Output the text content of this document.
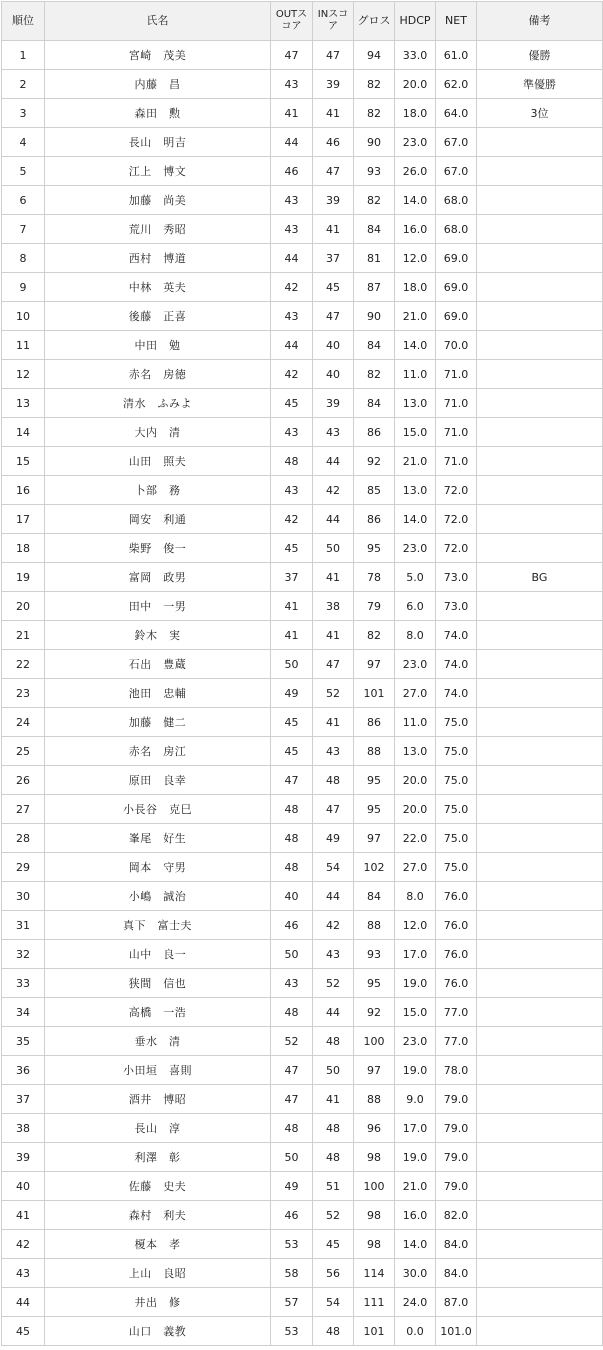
順位	氏名	OUTスコア	INスコア	グロス	HDCP	NET	備考
1	宮崎　茂美	47	47	94	33.0	61.0	優勝
2	内藤　昌	43	39	82	20.0	62.0	準優勝
3	森田　勲	41	41	82	18.0	64.0	3位
4	長山　明吉	44	46	90	23.0	67.0	
5	江上　博文	46	47	93	26.0	67.0	
6	加藤　尚美	43	39	82	14.0	68.0	
7	荒川　秀昭	43	41	84	16.0	68.0	
8	西村　博道	44	37	81	12.0	69.0	
9	中林　英夫	42	45	87	18.0	69.0	
10	後藤　正喜	43	47	90	21.0	69.0	
11	中田　勉	44	40	84	14.0	70.0	
12	赤名　房徳	42	40	82	11.0	71.0	
13	清水　ふみよ	45	39	84	13.0	71.0	
14	大内　清	43	43	86	15.0	71.0	
15	山田　照夫	48	44	92	21.0	71.0	
16	卜部　務	43	42	85	13.0	72.0	
17	岡安　利通	42	44	86	14.0	72.0	
18	柴野　俊一	45	50	95	23.0	72.0	
19	富岡　政男	37	41	78	5.0	73.0	BG
20	田中　一男	41	38	79	6.0	73.0	
21	鈴木　実	41	41	82	8.0	74.0	
22	石出　豊蔵	50	47	97	23.0	74.0	
23	池田　忠輔	49	52	101	27.0	74.0	
24	加藤　健二	45	41	86	11.0	75.0	
25	赤名　房江	45	43	88	13.0	75.0	
26	原田　良幸	47	48	95	20.0	75.0	
27	小長谷　克巳	48	47	95	20.0	75.0	
28	峯尾　好生	48	49	97	22.0	75.0	
29	岡本　守男	48	54	102	27.0	75.0	
30	小嶋　誠治	40	44	84	8.0	76.0	
31	真下　富士夫	46	42	88	12.0	76.0	
32	山中　良一	50	43	93	17.0	76.0	
33	狭間　信也	43	52	95	19.0	76.0	
34	高橋　一浩	48	44	92	15.0	77.0	
35	垂水　清	52	48	100	23.0	77.0	
36	小田垣　喜則	47	50	97	19.0	78.0	
37	酒井　博昭	47	41	88	9.0	79.0	
38	長山　淳	48	48	96	17.0	79.0	
39	利澤　彰	50	48	98	19.0	79.0	
40	佐藤　史夫	49	51	100	21.0	79.0	
41	森村　利夫	46	52	98	16.0	82.0	
42	榎本　孝	53	45	98	14.0	84.0	
43	上山　良昭	58	56	114	30.0	84.0	
44	井出　修	57	54	111	24.0	87.0	
45	山口　義教	53	48	101	0.0	101.0	
